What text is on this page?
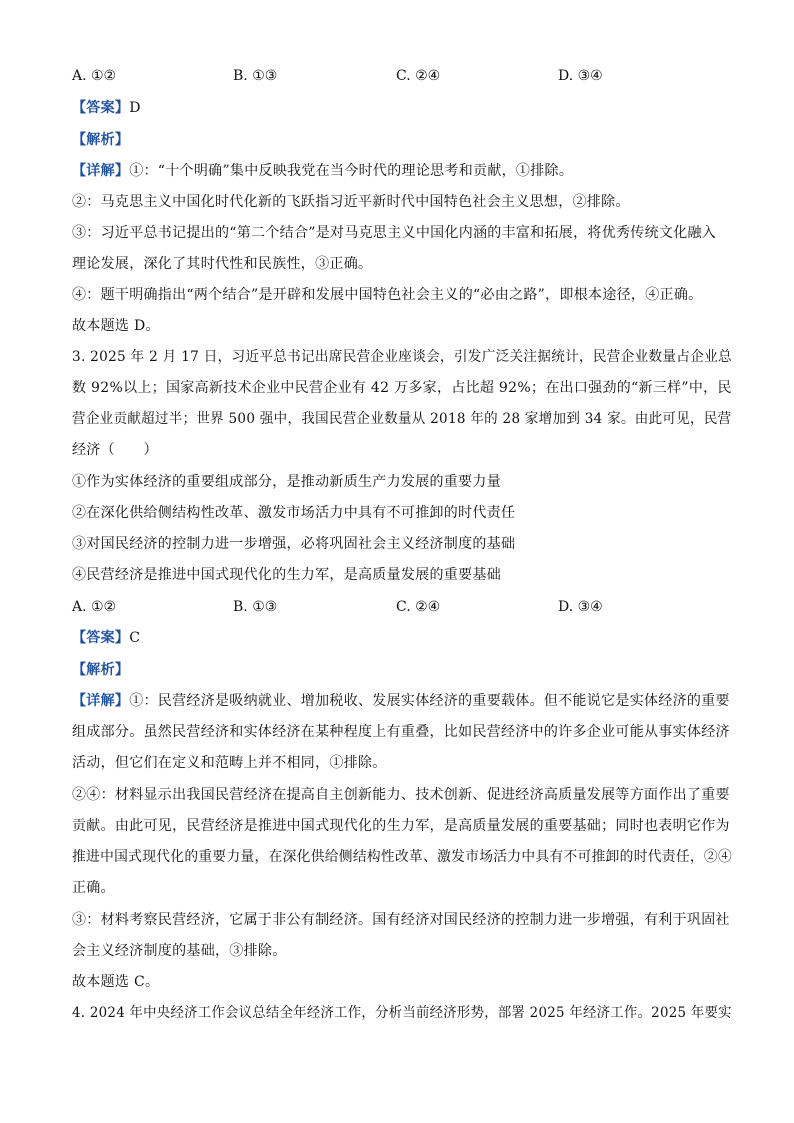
A. ①②	B. ①③	C. ②④	D. ③④
【答案】D
【解析】
【详解】①：“十个明确”集中反映我党在当今时代的理论思考和贡献，①排除。
②：马克思主义中国化时代化新的飞跃指习近平新时代中国特色社会主义思想，②排除。
③：习近平总书记提出的“第二个结合”是对马克思主义中国化内涵的丰富和拓展，将优秀传统文化融入
理论发展，深化了其时代性和民族性，③正确。
④：题干明确指出“两个结合”是开辟和发展中国特色社会主义的“必由之路”，即根本途径，④正确。
故本题选 D。
3. 2025 年 2 月 17 日，习近平总书记出席民营企业座谈会，引发广泛关注据统计，民营企业数量占企业总
数 92%以上；国家高新技术企业中民营企业有 42 万多家，占比超 92%；在出口强劲的“新三样”中，民
营企业贡献超过半；世界 500 强中，我国民营企业数量从 2018 年的 28 家增加到 34 家。由此可见，民营
经济（　　）
①作为实体经济的重要组成部分，是推动新质生产力发展的重要力量
②在深化供给侧结构性改革、激发市场活力中具有不可推卸的时代责任
③对国民经济的控制力进一步增强，必将巩固社会主义经济制度的基础
④民营经济是推进中国式现代化的生力军，是高质量发展的重要基础
A. ①②	B. ①③	C. ②④	D. ③④
【答案】C
【解析】
【详解】①：民营经济是吸纳就业、增加税收、发展实体经济的重要载体。但不能说它是实体经济的重要
组成部分。虽然民营经济和实体经济在某种程度上有重叠，比如民营经济中的许多企业可能从事实体经济
活动，但它们在定义和范畴上并不相同，①排除。
②④：材料显示出我国民营经济在提高自主创新能力、技术创新、促进经济高质量发展等方面作出了重要
贡献。由此可见，民营经济是推进中国式现代化的生力军，是高质量发展的重要基础；同时也表明它作为
推进中国式现代化的重要力量，在深化供给侧结构性改革、激发市场活力中具有不可推卸的时代责任，②④
正确。
③：材料考察民营经济，它属于非公有制经济。国有经济对国民经济的控制力进一步增强，有利于巩固社
会主义经济制度的基础，③排除。
故本题选 C。
4. 2024 年中央经济工作会议总结全年经济工作，分析当前经济形势，部署 2025 年经济工作。2025 年要实
